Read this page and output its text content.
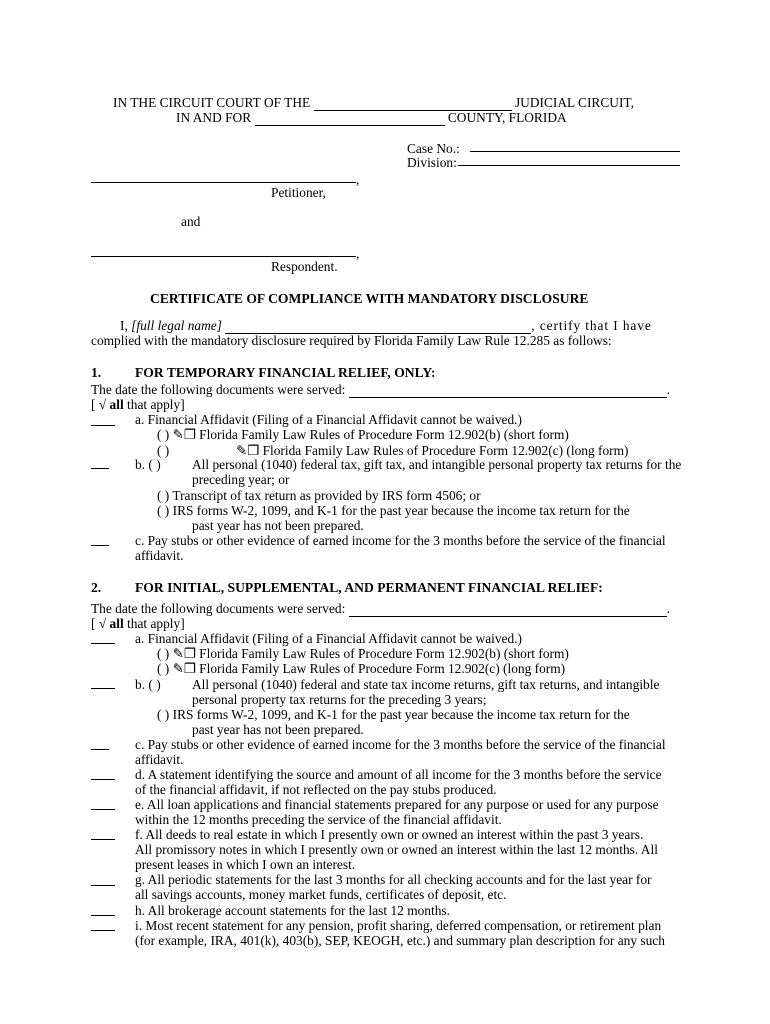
IN THE CIRCUIT COURT OF THE	JUDICIAL CIRCUIT,
IN AND FOR	COUNTY, FLORIDA
Case No.:
Division:
,
Petitioner,
and
,
Respondent.
CERTIFICATE OF COMPLIANCE WITH MANDATORY DISCLOSURE
I, [full legal name]	, certify that I have
complied with the mandatory disclosure required by Florida Family Law Rule 12.285 as follows:
1. FOR TEMPORARY FINANCIAL RELIEF, ONLY:
The date the following documents were served:	.
[ √ all that apply]
a. Financial Affidavit (Filing of a Financial Affidavit cannot be waived.)
( ) ✎❐ Florida Family Law Rules of Procedure Form 12.902(b) (short form)
( )	✎❐ Florida Family Law Rules of Procedure Form 12.902(c) (long form)
b. ( ) All personal (1040) federal tax, gift tax, and intangible personal property tax returns for the
preceding year; or
( ) Transcript of tax return as provided by IRS form 4506; or
( ) IRS forms W-2, 1099, and K-1 for the past year because the income tax return for the
past year has not been prepared.
c. Pay stubs or other evidence of earned income for the 3 months before the service of the financial
affidavit.
2. FOR INITIAL, SUPPLEMENTAL, AND PERMANENT FINANCIAL RELIEF:
The date the following documents were served:	.
[ √ all that apply]
a. Financial Affidavit (Filing of a Financial Affidavit cannot be waived.)
( ) ✎❐ Florida Family Law Rules of Procedure Form 12.902(b) (short form)
( ) ✎❐ Florida Family Law Rules of Procedure Form 12.902(c) (long form)
b. ( ) All personal (1040) federal and state tax income returns, gift tax returns, and intangible
personal property tax returns for the preceding 3 years;
( ) IRS forms W-2, 1099, and K-1 for the past year because the income tax return for the
past year has not been prepared.
c. Pay stubs or other evidence of earned income for the 3 months before the service of the financial
affidavit.
d. A statement identifying the source and amount of all income for the 3 months before the service
of the financial affidavit, if not reflected on the pay stubs produced.
e. All loan applications and financial statements prepared for any purpose or used for any purpose
within the 12 months preceding the service of the financial affidavit.
f. All deeds to real estate in which I presently own or owned an interest within the past 3 years.
All promissory notes in which I presently own or owned an interest within the last 12 months. All
present leases in which I own an interest.
g. All periodic statements for the last 3 months for all checking accounts and for the last year for
all savings accounts, money market funds, certificates of deposit, etc.
h. All brokerage account statements for the last 12 months.
i. Most recent statement for any pension, profit sharing, deferred compensation, or retirement plan
(for example, IRA, 401(k), 403(b), SEP, KEOGH, etc.) and summary plan description for any such
